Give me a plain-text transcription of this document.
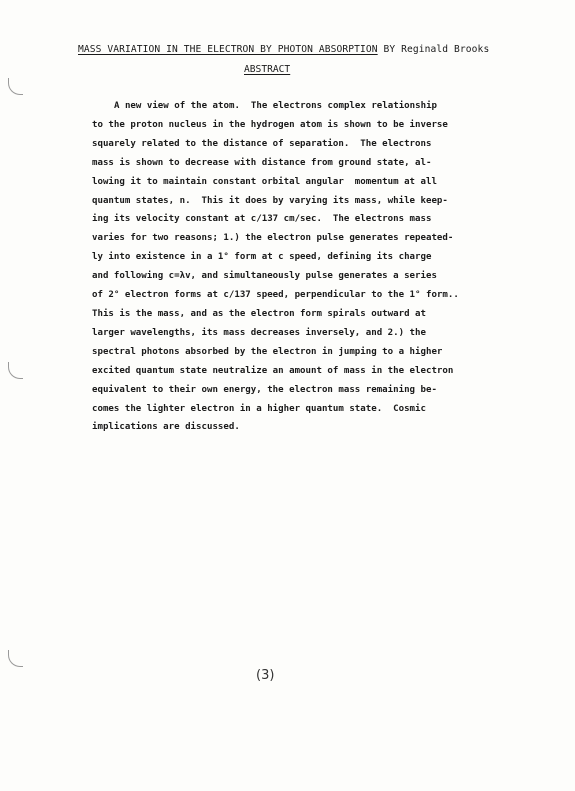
MASS VARIATION IN THE ELECTRON BY PHOTON ABSORPTION BY Reginald Brooks
ABSTRACT
A new view of the atom.  The electrons complex relationship
to the proton nucleus in the hydrogen atom is shown to be inverse
squarely related to the distance of separation.  The electrons
mass is shown to decrease with distance from ground state, al-
lowing it to maintain constant orbital angular  momentum at all
quantum states, n.  This it does by varying its mass, while keep-
ing its velocity constant at c/137 cm/sec.  The electrons mass
varies for two reasons; 1.) the electron pulse generates repeated-
ly into existence in a 1° form at c speed, defining its charge
and following c=λv, and simultaneously pulse generates a series
of 2° electron forms at c/137 speed, perpendicular to the 1° form..
This is the mass, and as the electron form spirals outward at
larger wavelengths, its mass decreases inversely, and 2.) the
spectral photons absorbed by the electron in jumping to a higher
excited quantum state neutralize an amount of mass in the electron
equivalent to their own energy, the electron mass remaining be-
comes the lighter electron in a higher quantum state.  Cosmic
implications are discussed.
(3)
